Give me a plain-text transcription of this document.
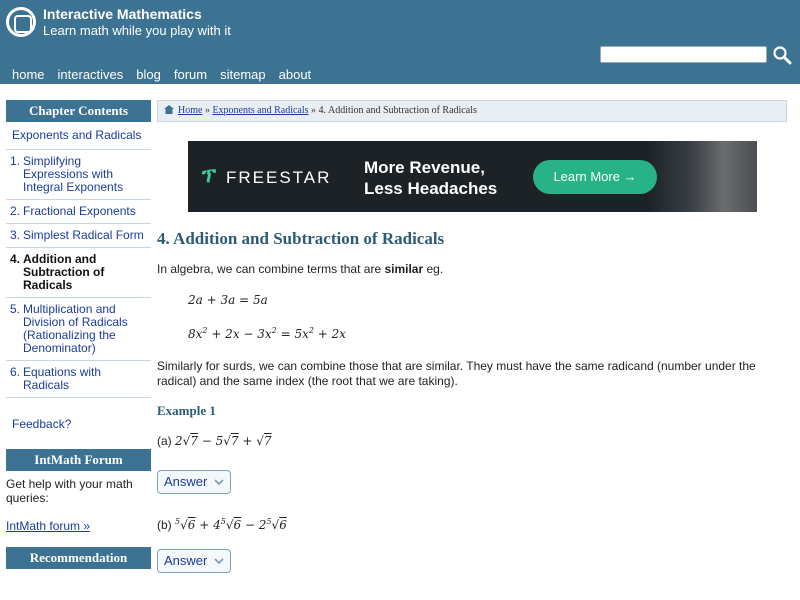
Interactive Mathematics
Learn math while you play with it
home interactives blog forum sitemap about
Chapter Contents
Exponents and Radicals
1. Simplifying Expressions with Integral Exponents
2. Fractional Exponents
3. Simplest Radical Form
4. Addition and Subtraction of Radicals
5. Multiplication and Division of Radicals (Rationalizing the Denominator)
6. Equations with Radicals
Feedback?
IntMath Forum
Get help with your math queries:
IntMath forum »
Recommendation
Home » Exponents and Radicals » 4. Addition and Subtraction of Radicals
ፕ FREESTAR
More Revenue,
Less Headaches
Learn More →
4. Addition and Subtraction of Radicals
In algebra, we can combine terms that are similar eg.
2a + 3a = 5a
$8x^2 + 2x - 3x^2 = 5x^2 + 2x$
Similarly for surds, we can combine those that are similar. They must have the same radicand (number under the radical) and the same index (the root that we are taking).
Example 1
(a) 2√7 − 5√7 + √7
Answer
(b) $^5√6 + 4^5√6 - 2^5√6$
Answer
